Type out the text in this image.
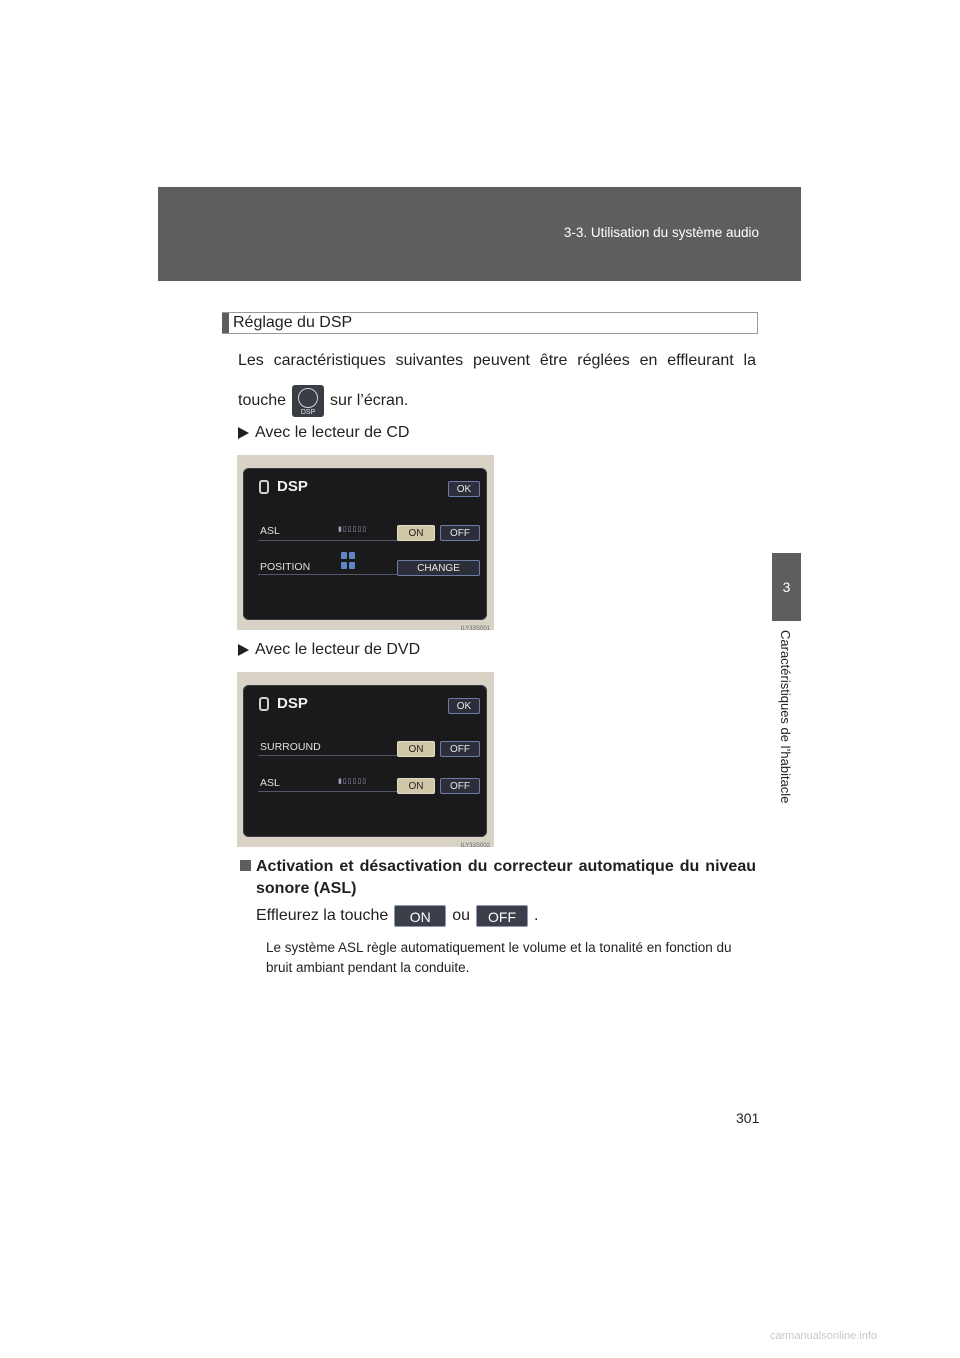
3-3. Utilisation du système audio
3
Caractéristiques de l’habitacle
Réglage du DSP
Les caractéristiques suivantes peuvent être réglées en effleurant la
touche
DSP
sur l’écran.
Avec le lecteur de CD
DSP	OK
ASL	▮▯▯▯▯▯	ON	OFF
POSITION	CHANGE
ILY33S001
Avec le lecteur de DVD
DSP	OK
SURROUND	ON	OFF
ASL	▮▯▯▯▯▯	ON	OFF
ILY33S002
Activation et désactivation du correcteur automatique du niveau
sonore (ASL)
Effleurez la touche	ON	ou	OFF	.
Le système ASL règle automatiquement le volume et la tonalité en fonction du bruit ambiant pendant la conduite.
301
carmanualsonline.info
